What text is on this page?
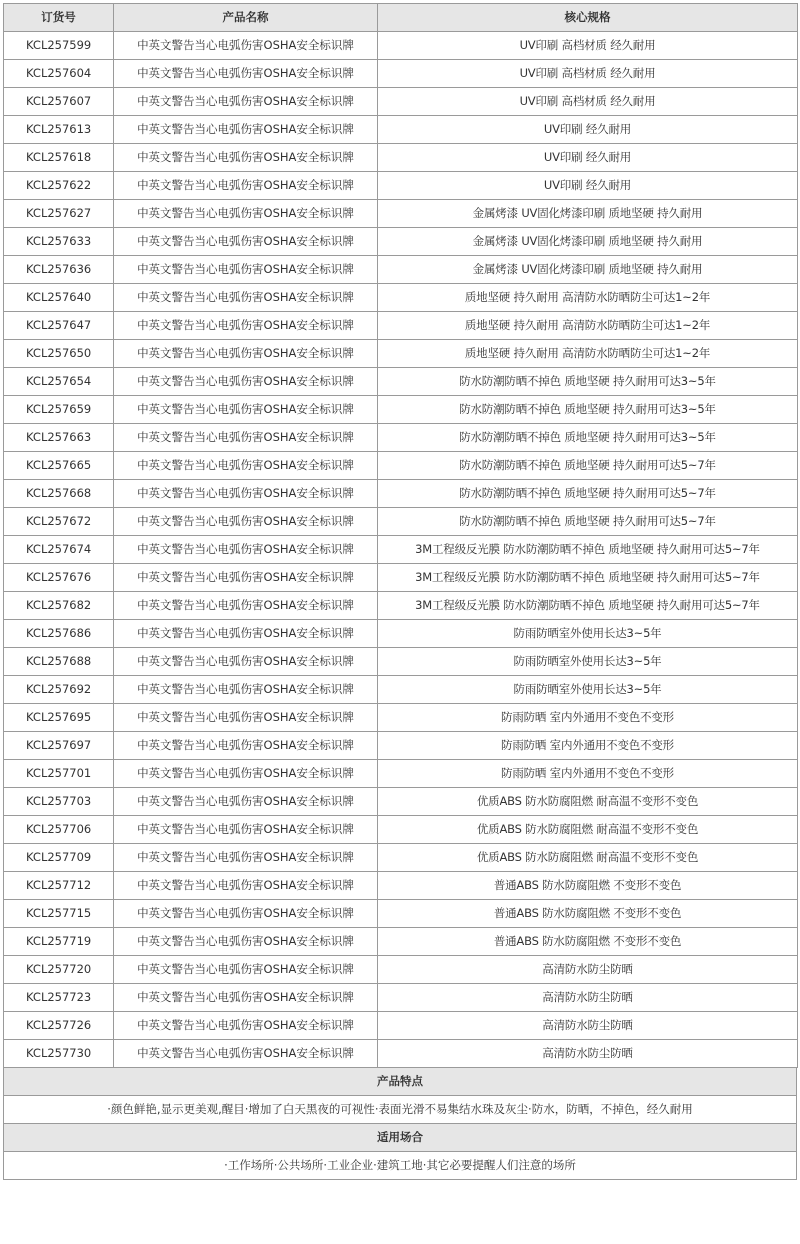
订货号	产品名称	核心规格
KCL257599	中英文警告当心电弧伤害OSHA安全标识牌	UV印刷 高档材质 经久耐用
KCL257604	中英文警告当心电弧伤害OSHA安全标识牌	UV印刷 高档材质 经久耐用
KCL257607	中英文警告当心电弧伤害OSHA安全标识牌	UV印刷 高档材质 经久耐用
KCL257613	中英文警告当心电弧伤害OSHA安全标识牌	UV印刷 经久耐用
KCL257618	中英文警告当心电弧伤害OSHA安全标识牌	UV印刷 经久耐用
KCL257622	中英文警告当心电弧伤害OSHA安全标识牌	UV印刷 经久耐用
KCL257627	中英文警告当心电弧伤害OSHA安全标识牌	金属烤漆 UV固化烤漆印刷 质地坚硬 持久耐用
KCL257633	中英文警告当心电弧伤害OSHA安全标识牌	金属烤漆 UV固化烤漆印刷 质地坚硬 持久耐用
KCL257636	中英文警告当心电弧伤害OSHA安全标识牌	金属烤漆 UV固化烤漆印刷 质地坚硬 持久耐用
KCL257640	中英文警告当心电弧伤害OSHA安全标识牌	质地坚硬 持久耐用 高清防水防晒防尘可达1~2年
KCL257647	中英文警告当心电弧伤害OSHA安全标识牌	质地坚硬 持久耐用 高清防水防晒防尘可达1~2年
KCL257650	中英文警告当心电弧伤害OSHA安全标识牌	质地坚硬 持久耐用 高清防水防晒防尘可达1~2年
KCL257654	中英文警告当心电弧伤害OSHA安全标识牌	防水防潮防晒不掉色 质地坚硬 持久耐用可达3~5年
KCL257659	中英文警告当心电弧伤害OSHA安全标识牌	防水防潮防晒不掉色 质地坚硬 持久耐用可达3~5年
KCL257663	中英文警告当心电弧伤害OSHA安全标识牌	防水防潮防晒不掉色 质地坚硬 持久耐用可达3~5年
KCL257665	中英文警告当心电弧伤害OSHA安全标识牌	防水防潮防晒不掉色 质地坚硬 持久耐用可达5~7年
KCL257668	中英文警告当心电弧伤害OSHA安全标识牌	防水防潮防晒不掉色 质地坚硬 持久耐用可达5~7年
KCL257672	中英文警告当心电弧伤害OSHA安全标识牌	防水防潮防晒不掉色 质地坚硬 持久耐用可达5~7年
KCL257674	中英文警告当心电弧伤害OSHA安全标识牌	3M工程级反光膜 防水防潮防晒不掉色 质地坚硬 持久耐用可达5~7年
KCL257676	中英文警告当心电弧伤害OSHA安全标识牌	3M工程级反光膜 防水防潮防晒不掉色 质地坚硬 持久耐用可达5~7年
KCL257682	中英文警告当心电弧伤害OSHA安全标识牌	3M工程级反光膜 防水防潮防晒不掉色 质地坚硬 持久耐用可达5~7年
KCL257686	中英文警告当心电弧伤害OSHA安全标识牌	防雨防晒室外使用长达3~5年
KCL257688	中英文警告当心电弧伤害OSHA安全标识牌	防雨防晒室外使用长达3~5年
KCL257692	中英文警告当心电弧伤害OSHA安全标识牌	防雨防晒室外使用长达3~5年
KCL257695	中英文警告当心电弧伤害OSHA安全标识牌	防雨防晒 室内外通用不变色不变形
KCL257697	中英文警告当心电弧伤害OSHA安全标识牌	防雨防晒 室内外通用不变色不变形
KCL257701	中英文警告当心电弧伤害OSHA安全标识牌	防雨防晒 室内外通用不变色不变形
KCL257703	中英文警告当心电弧伤害OSHA安全标识牌	优质ABS 防水防腐阻燃 耐高温不变形不变色
KCL257706	中英文警告当心电弧伤害OSHA安全标识牌	优质ABS 防水防腐阻燃 耐高温不变形不变色
KCL257709	中英文警告当心电弧伤害OSHA安全标识牌	优质ABS 防水防腐阻燃 耐高温不变形不变色
KCL257712	中英文警告当心电弧伤害OSHA安全标识牌	普通ABS 防水防腐阻燃 不变形不变色
KCL257715	中英文警告当心电弧伤害OSHA安全标识牌	普通ABS 防水防腐阻燃 不变形不变色
KCL257719	中英文警告当心电弧伤害OSHA安全标识牌	普通ABS 防水防腐阻燃 不变形不变色
KCL257720	中英文警告当心电弧伤害OSHA安全标识牌	高清防水防尘防晒
KCL257723	中英文警告当心电弧伤害OSHA安全标识牌	高清防水防尘防晒
KCL257726	中英文警告当心电弧伤害OSHA安全标识牌	高清防水防尘防晒
KCL257730	中英文警告当心电弧伤害OSHA安全标识牌	高清防水防尘防晒
产品特点
·颜色鲜艳,显示更美观,醒目·增加了白天黑夜的可视性·表面光滑不易集结水珠及灰尘·防水，防晒，不掉色，经久耐用
适用场合
·工作场所·公共场所·工业企业·建筑工地·其它必要提醒人们注意的场所
